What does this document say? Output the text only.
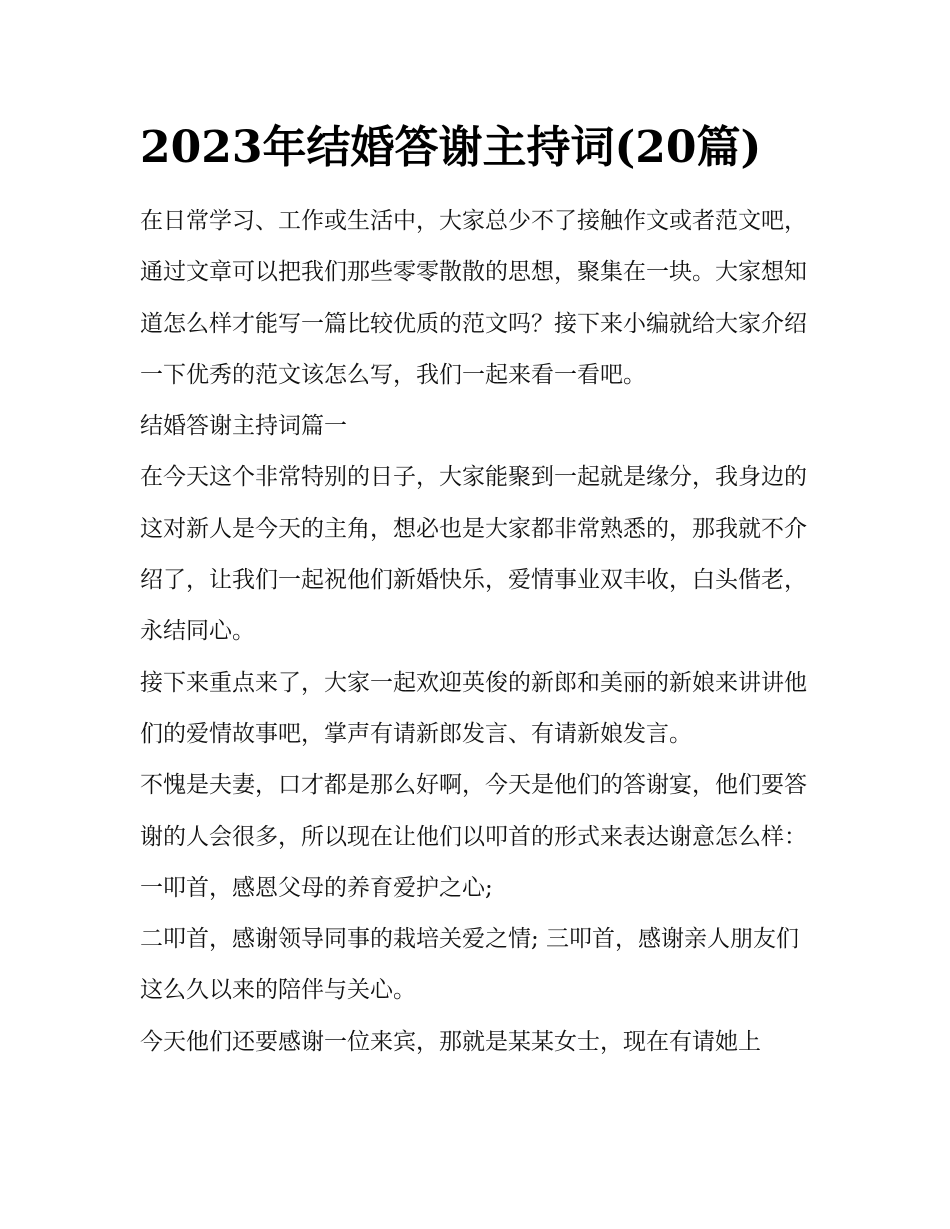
2023年结婚答谢主持词(20篇)

在日常学习、工作或生活中，大家总少不了接触作文或者范文吧，通过文章可以把我们那些零零散散的思想，聚集在一块。大家想知道怎么样才能写一篇比较优质的范文吗？接下来小编就给大家介绍一下优秀的范文该怎么写，我们一起来看一看吧。

结婚答谢主持词篇一

在今天这个非常特别的日子，大家能聚到一起就是缘分，我身边的这对新人是今天的主角，想必也是大家都非常熟悉的，那我就不介绍了，让我们一起祝他们新婚快乐，爱情事业双丰收，白头偕老，永结同心。

接下来重点来了，大家一起欢迎英俊的新郎和美丽的新娘来讲讲他们的爱情故事吧，掌声有请新郎发言、有请新娘发言。

不愧是夫妻，口才都是那么好啊，今天是他们的答谢宴，他们要答谢的人会很多，所以现在让他们以叩首的形式来表达谢意怎么样： 一叩首，感恩父母的养育爱护之心;

二叩首，感谢领导同事的栽培关爱之情; 三叩首，感谢亲人朋友们这么久以来的陪伴与关心。

今天他们还要感谢一位来宾，那就是某某女士，现在有请她上
